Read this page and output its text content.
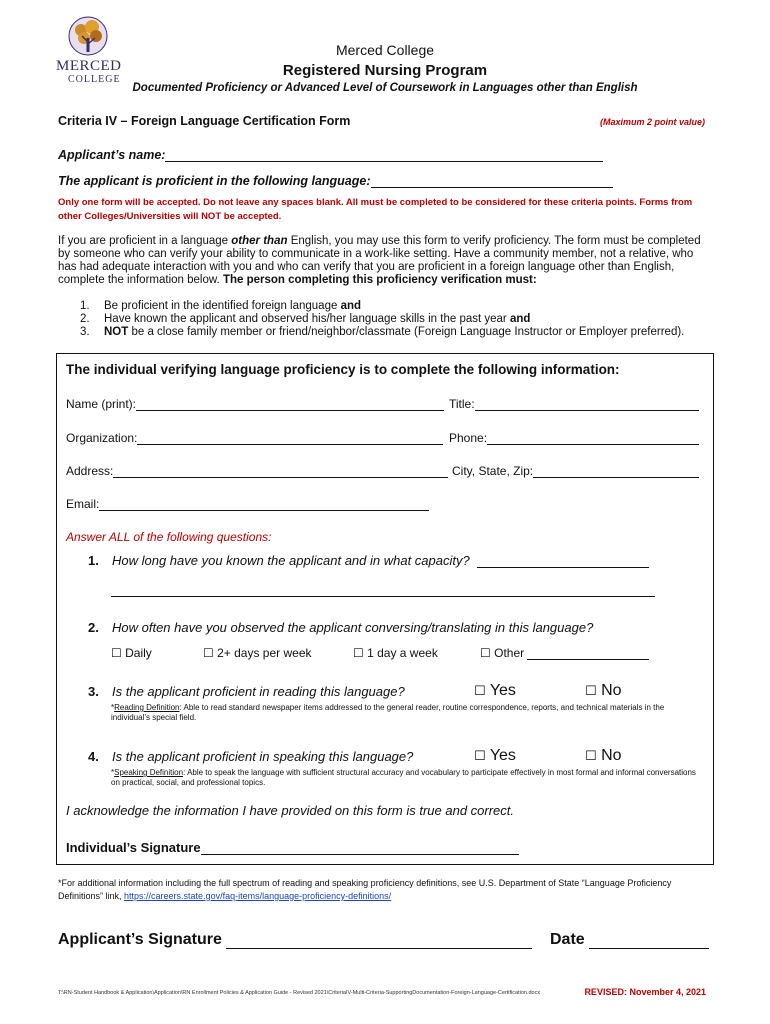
MERCED
COLLEGE
Merced College
Registered Nursing Program
Documented Proficiency or Advanced Level of Coursework in Languages other than English
Criteria IV – Foreign Language Certification Form	(Maximum 2 point value)
Applicant’s name:
The applicant is proficient in the following language:
Only one form will be accepted. Do not leave any spaces blank. All must be completed to be considered for these criteria points. Forms from other Colleges/Universities will NOT be accepted.
If you are proficient in a language other than English, you may use this form to verify proficiency. The form must be completed by someone who can verify your ability to communicate in a work-like setting. Have a community member, not a relative, who has had adequate interaction with you and who can verify that you are proficient in a foreign language other than English, complete the information below. The person completing this proficiency verification must:
1. Be proficient in the identified foreign language and
2. Have known the applicant and observed his/her language skills in the past year and
3. NOT be a close family member or friend/neighbor/classmate (Foreign Language Instructor or Employer preferred).
The individual verifying language proficiency is to complete the following information:
Name (print):	Title:
Organization:	Phone:
Address:	City, State, Zip:
Email:
Answer ALL of the following questions:
1. How long have you known the applicant and in what capacity?
2. How often have you observed the applicant conversing/translating in this language?
☐ Daily	☐ 2+ days per week	☐ 1 day a week	☐ Other
3. Is the applicant proficient in reading this language?	☐ Yes	☐ No
*Reading Definition: Able to read standard newspaper items addressed to the general reader, routine correspondence, reports, and technical materials in the individual’s special field.
4. Is the applicant proficient in speaking this language?	☐ Yes	☐ No
*Speaking Definition: Able to speak the language with sufficient structural accuracy and vocabulary to participate effectively in most formal and informal conversations on practical, social, and professional topics.
I acknowledge the information I have provided on this form is true and correct.
Individual’s Signature
*For additional information including the full spectrum of reading and speaking proficiency definitions, see U.S. Department of State “Language Proficiency Definitions” link, https://careers.state.gov/faq-items/language-proficiency-definitions/
Applicant’s Signature	Date
T:\RN-Student Handbook & Application\Application\RN Enrollment Policies & Application Guide - Revised 2021\CriteriaIV-Multi-Criteria-SupportingDocumentation-Foreign-Language-Certification.docx	REVISED: November 4, 2021
